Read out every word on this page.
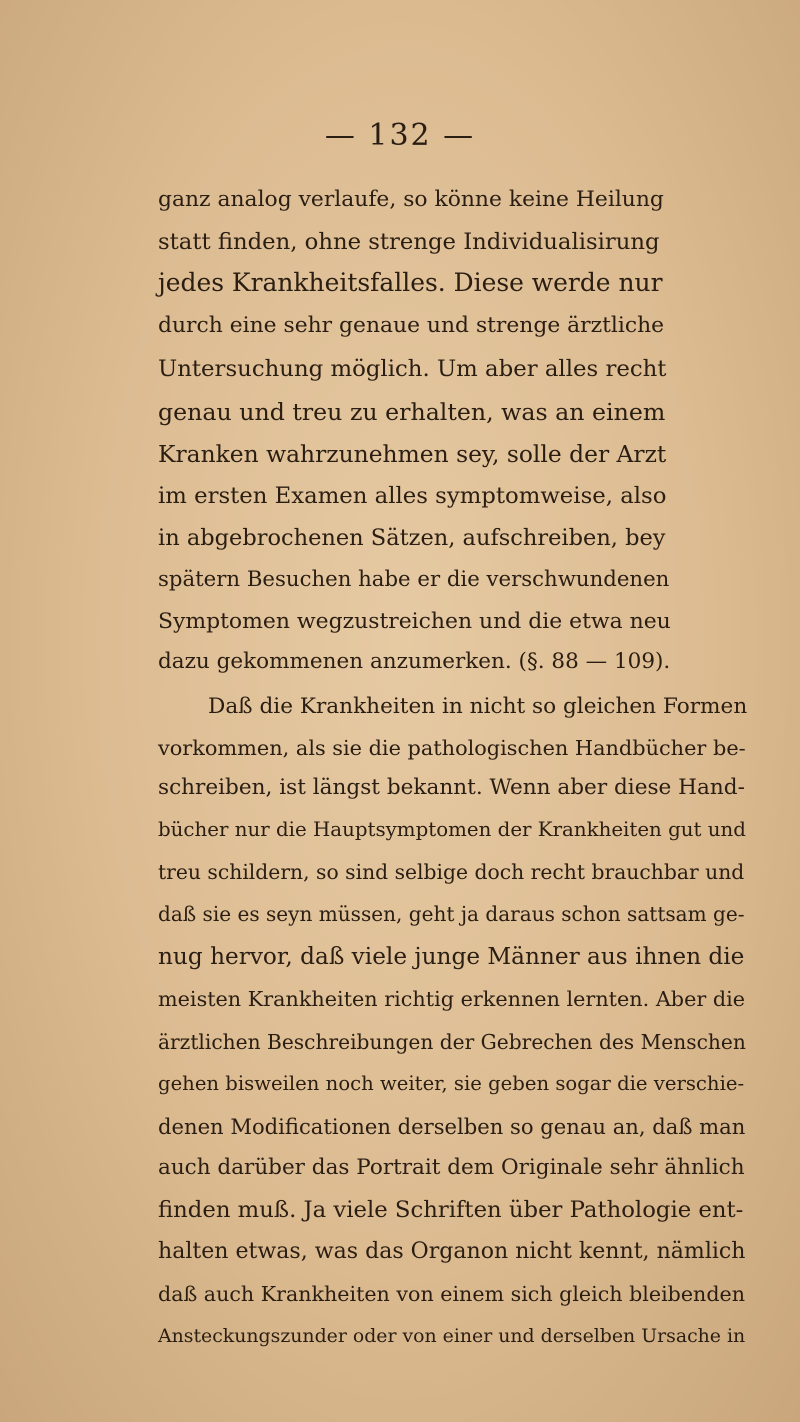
— 132 —
ganz analog verlaufe, so könne keine Heilung
statt finden, ohne strenge Individualisirung
jedes Krankheitsfalles. Diese werde nur
durch eine sehr genaue und strenge ärztliche
Untersuchung möglich. Um aber alles recht
genau und treu zu erhalten, was an einem
Kranken wahrzunehmen sey, solle der Arzt
im ersten Examen alles symptomweise, also
in abgebrochenen Sätzen, aufschreiben, bey
spätern Besuchen habe er die verschwundenen
Symptomen wegzustreichen und die etwa neu
dazu gekommenen anzumerken. (§. 88 — 109).
Daß die Krankheiten in nicht so gleichen Formen
vorkommen, als sie die pathologischen Handbücher be-
schreiben, ist längst bekannt. Wenn aber diese Hand-
bücher nur die Hauptsymptomen der Krankheiten gut und
treu schildern, so sind selbige doch recht brauchbar und
daß sie es seyn müssen, geht ja daraus schon sattsam ge-
nug hervor, daß viele junge Männer aus ihnen die
meisten Krankheiten richtig erkennen lernten. Aber die
ärztlichen Beschreibungen der Gebrechen des Menschen
gehen bisweilen noch weiter, sie geben sogar die verschie-
denen Modificationen derselben so genau an, daß man
auch darüber das Portrait dem Originale sehr ähnlich
finden muß. Ja viele Schriften über Pathologie ent-
halten etwas, was das Organon nicht kennt, nämlich
daß auch Krankheiten von einem sich gleich bleibenden
Ansteckungszunder oder von einer und derselben Ursache in
